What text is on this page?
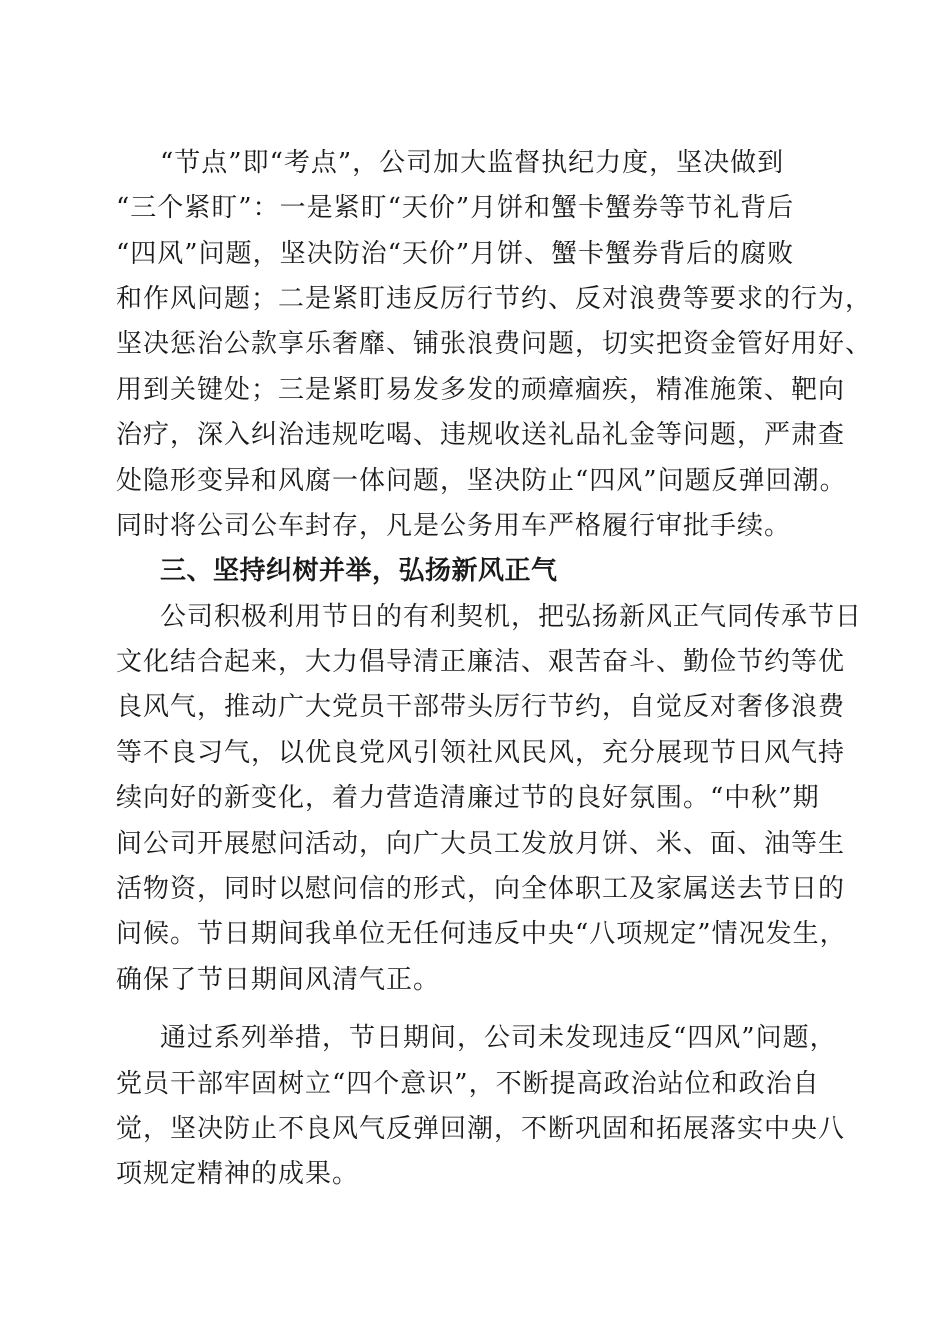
“节点”即“考点”，公司加大监督执纪力度，坚决做到
“三个紧盯”：一是紧盯“天价”月饼和蟹卡蟹券等节礼背后
“四风”问题，坚决防治“天价”月饼、蟹卡蟹券背后的腐败
和作风问题；二是紧盯违反厉行节约、反对浪费等要求的行为，
坚决惩治公款享乐奢靡、铺张浪费问题，切实把资金管好用好、
用到关键处；三是紧盯易发多发的顽瘴痼疾，精准施策、靶向
治疗，深入纠治违规吃喝、违规收送礼品礼金等问题，严肃查
处隐形变异和风腐一体问题，坚决防止“四风”问题反弹回潮。
同时将公司公车封存，凡是公务用车严格履行审批手续。
三、坚持纠树并举，弘扬新风正气
公司积极利用节日的有利契机，把弘扬新风正气同传承节日
文化结合起来，大力倡导清正廉洁、艰苦奋斗、勤俭节约等优
良风气，推动广大党员干部带头厉行节约，自觉反对奢侈浪费
等不良习气，以优良党风引领社风民风，充分展现节日风气持
续向好的新变化，着力营造清廉过节的良好氛围。“中秋”期
间公司开展慰问活动，向广大员工发放月饼、米、面、油等生
活物资，同时以慰问信的形式，向全体职工及家属送去节日的
问候。节日期间我单位无任何违反中央“八项规定”情况发生，
确保了节日期间风清气正。
通过系列举措，节日期间，公司未发现违反“四风”问题，
党员干部牢固树立“四个意识”，不断提高政治站位和政治自
觉，坚决防止不良风气反弹回潮，不断巩固和拓展落实中央八
项规定精神的成果。
